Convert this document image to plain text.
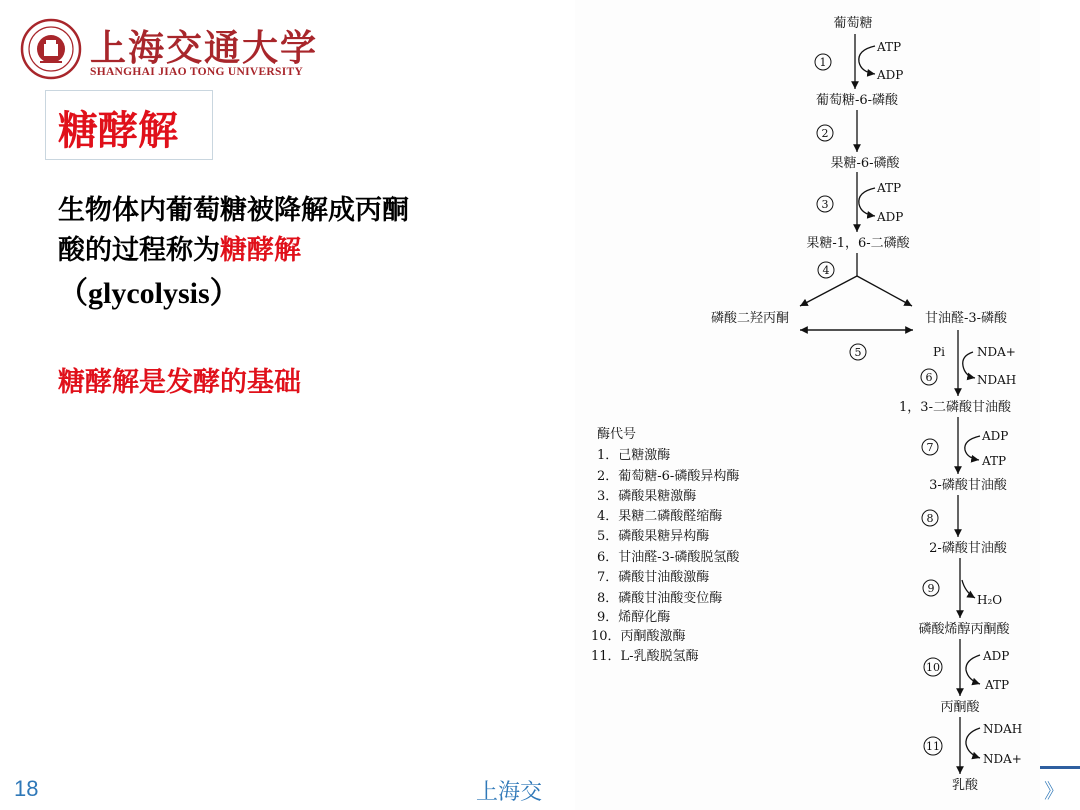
上海交通大学
SHANGHAI JIAO TONG UNIVERSITY
糖酵解
生物体内葡萄糖被降解成丙酮
酸的过程称为糖酵解
（glycolysis）
糖酵解是发酵的基础
葡萄糖
葡萄糖-6-磷酸
果糖-6-磷酸
果糖-1，6-二磷酸
磷酸二羟丙酮	甘油醛-3-磷酸
1，3-二磷酸甘油酸
3-磷酸甘油酸
2-磷酸甘油酸
磷酸烯醇丙酮酸
丙酮酸
乳酸
1
2
3
4
5
6
7
8
9
10
11
ATP
ADP
ATP
ADP
Pi	NDA+
NDAH
ADP
ATP
H₂O
ADP
ATP
NDAH
NDA+
酶代号
1．己糖激酶
2．葡萄糖-6-磷酸异构酶
3．磷酸果糖激酶
4．果糖二磷酸醛缩酶
5．磷酸果糖异构酶
6．甘油醛-3-磷酸脱氢酸
7．磷酸甘油酸激酶
8．磷酸甘油酸变位酶
9．烯醇化酶
10．丙酮酸激酶
11．L-乳酸脱氢酶
18	上海交	》
